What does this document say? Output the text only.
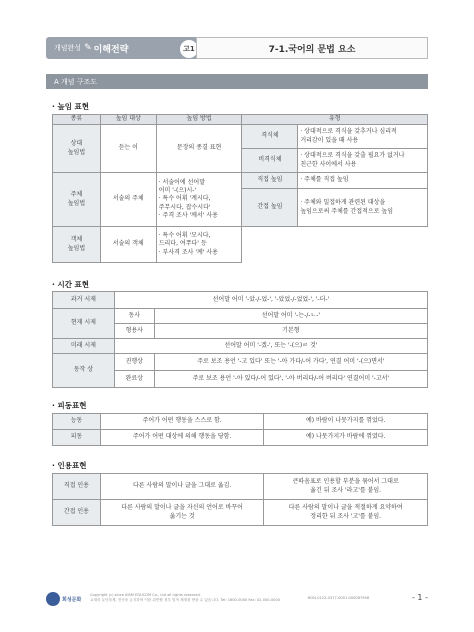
개념완성 ✎ 이해전략	고1	7-1.국어의 문법 요소
A 개념 구조도
· 높임 표현
종류	높임 대상	높임 방법	유형	
상대
높임법	듣는 이	문장의 종결 표현	격식체	· 상대적으로 격식을 갖추거나 심리적
거리감이 있을 때 사용
			비격식체	· 상대적으로 격식을 갖출 필요가 없거나
친근한 사이에서 사용
주체
높임법	서술의 주체	· 서술어에 선어말
어미 '-(으)시-'
· 특수 어휘 '계시다,
주무시다, 잡수시다'
· 주격 조사 '께서' 사용	직접 높임	· 주체를 직접 높임
			간접 높임	· 주체와 밀접하게 관련된 대상을
높임으로써 주체를 간접적으로 높임
객체
높임법	서술의 객체	· 특수 어휘 '모시다,
드리다, 여쭈다' 등
· 부사격 조사 '께' 사용		
· 시간 표현
과거 시제	선어말 어미 '-았-/-었-', '-았었-/-었었-', '-더-'	
현재 시제	동사	선어말 어미 '-는-/-ㄴ-'
	형용사	기본형
미래 시제	선어말 어미 '-겠-', 또는 '-(으)ㄹ 것'	
동작 상	진행상	주로 보조 용언 '-고 있다' 또는 '-아 가다/-어 가다', 연결 어미 '-(으)면서'
	완료상	주로 보조 용언 '-아 있다/-어 있다', '-아 버리다/-어 버리다' 연결어미 '-고서'
· 피동표현
능동	주어가 어떤 행동을 스스로 함.	예) 바람이 나뭇가지를 꺾었다.
피동	주어가 어떤 대상에 의해 행동을 당함.	예) 나뭇가지가 바람에 꺾였다.
· 인용표현
직접 인용	다른 사람의 말이나 글을 그대로 옮김.	큰따옴표로 인용할 부분을 묶어서 그대로
옮긴 뒤 조사 '라고'를 붙임.
간접 인용	다른 사람의 말이나 글을 자신의 언어로 바꾸어
옮기는 것	다른 사람의 말이나 글을 적절하게 요약하여
정리한 뒤 조사 '고'를 붙임.
희성문화
Copyright (c) since KISM EDUCOM Co., Ltd all rights reserved.
교재의 무단복제, 전송을 금지하며 이를 위반할 경우 법적 제재를 받을 수 있습니다. Tel: 1600-0000 Fax: 02-000-0000
BON-0122-0377-0001-000087958	- 1 -
